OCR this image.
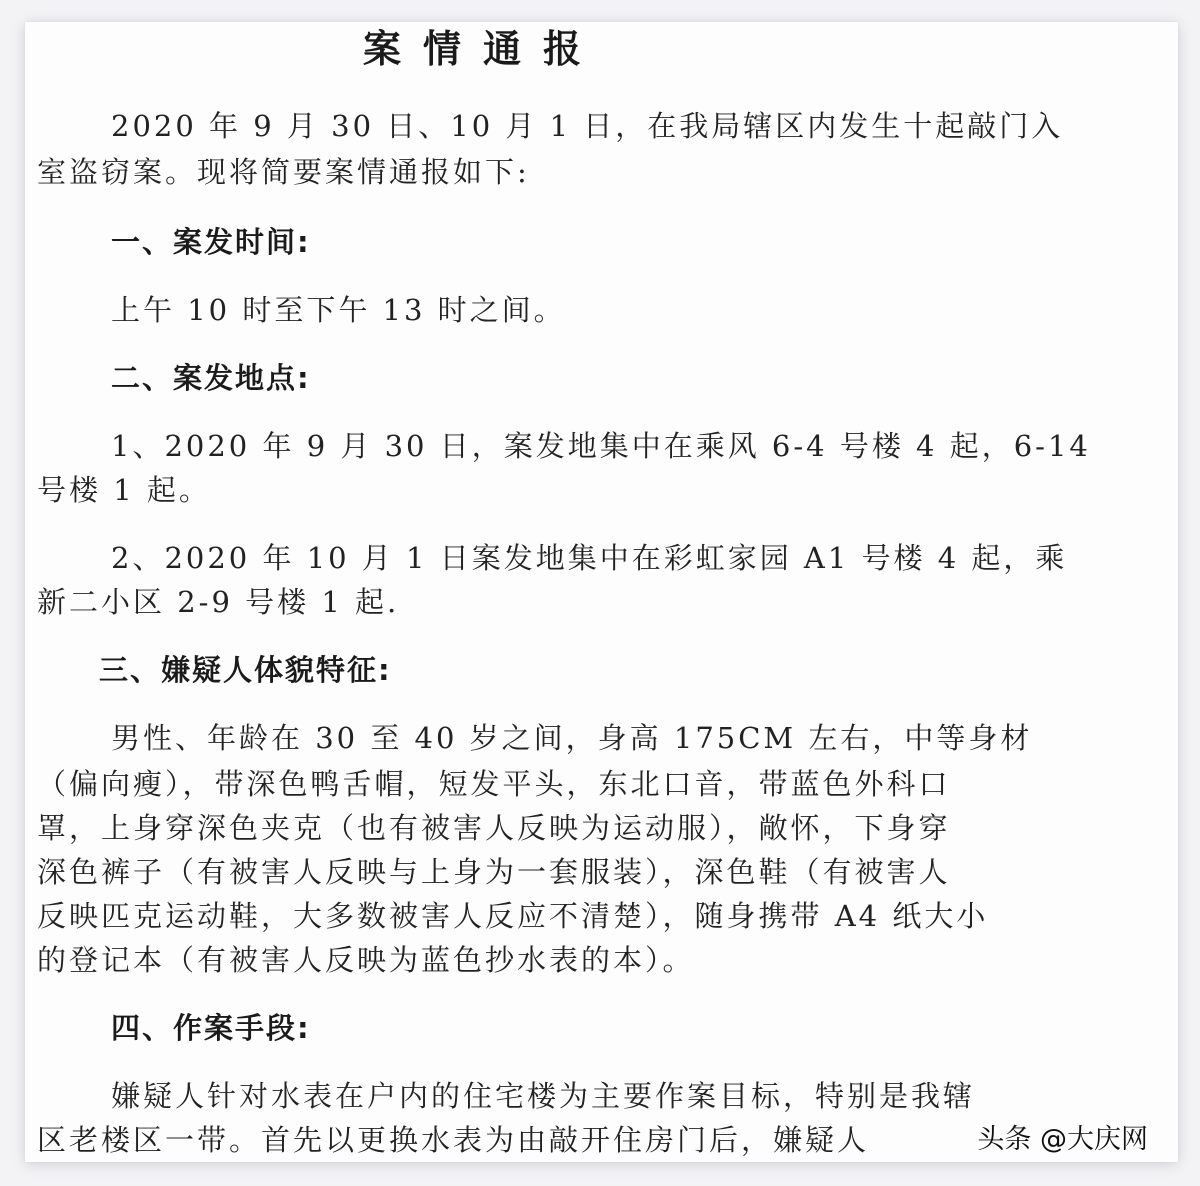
案情通报
2020 年 9 月 30 日、10 月 1 日，在我局辖区内发生十起敲门入
室盗窃案。现将简要案情通报如下:
一、案发时间:
上午 10 时至下午 13 时之间。
二、案发地点:
1、2020 年 9 月 30 日，案发地集中在乘风 6-4 号楼 4 起，6-14
号楼 1 起。
2、2020 年 10 月 1 日案发地集中在彩虹家园 A1 号楼 4 起，乘
新二小区 2-9 号楼 1 起.
三、嫌疑人体貌特征:
男性、年龄在 30 至 40 岁之间，身高 175CM 左右，中等身材
（偏向瘦），带深色鸭舌帽，短发平头，东北口音，带蓝色外科口
罩，上身穿深色夹克（也有被害人反映为运动服），敞怀，下身穿
深色裤子（有被害人反映与上身为一套服装），深色鞋（有被害人
反映匹克运动鞋，大多数被害人反应不清楚），随身携带 A4 纸大小
的登记本（有被害人反映为蓝色抄水表的本）。
四、作案手段:
嫌疑人针对水表在户内的住宅楼为主要作案目标，特别是我辖
区老楼区一带。首先以更换水表为由敲开住房门后，嫌疑人	头条 @大庆网
